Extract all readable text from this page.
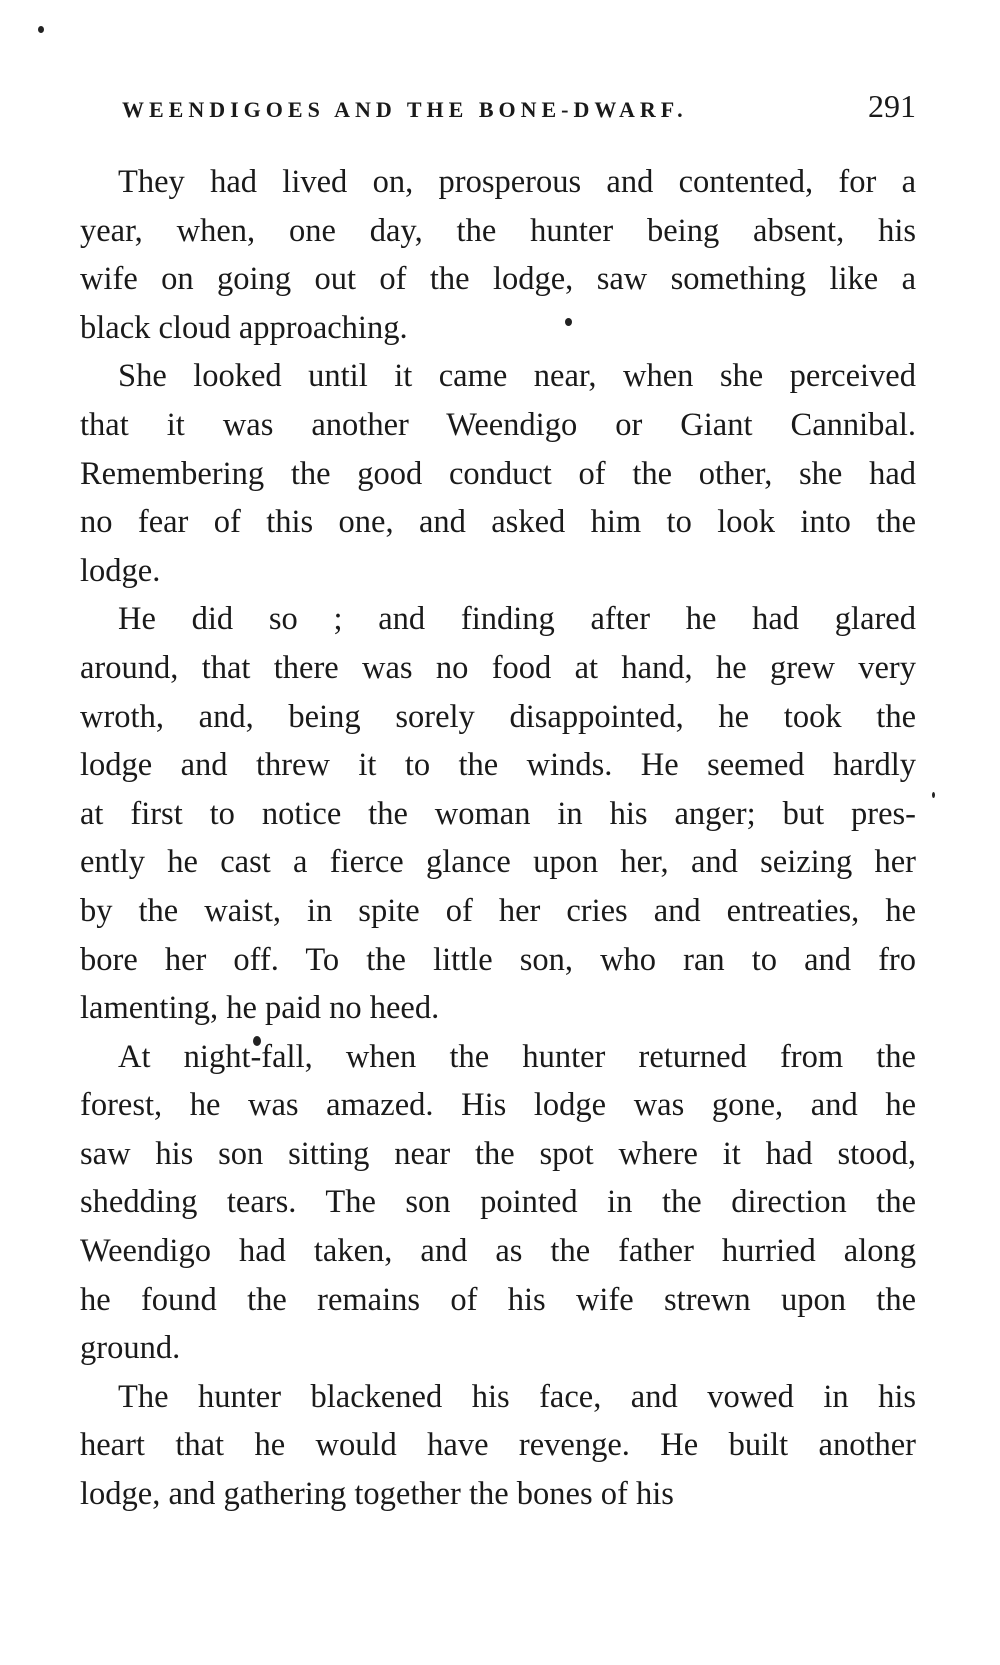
WEENDIGOES AND THE BONE-DWARF.	291

They had lived on, prosperous and contented, for a
year, when, one day, the hunter being absent, his
wife on going out of the lodge, saw something like a
black cloud approaching.

She looked until it came near, when she perceived
that it was another Weendigo or Giant Cannibal.
Remembering the good conduct of the other, she had
no fear of this one, and asked him to look into the
lodge.

He did so ; and finding after he had glared
around, that there was no food at hand, he grew very
wroth, and, being sorely disappointed, he took the
lodge and threw it to the winds. He seemed hardly
at first to notice the woman in his anger; but pres-
ently he cast a fierce glance upon her, and seizing her
by the waist, in spite of her cries and entreaties, he
bore her off. To the little son, who ran to and fro
lamenting, he paid no heed.

At night-fall, when the hunter returned from the
forest, he was amazed. His lodge was gone, and he
saw his son sitting near the spot where it had stood,
shedding tears. The son pointed in the direction the
Weendigo had taken, and as the father hurried along
he found the remains of his wife strewn upon the
ground.

The hunter blackened his face, and vowed in his
heart that he would have revenge. He built another
lodge, and gathering together the bones of his
